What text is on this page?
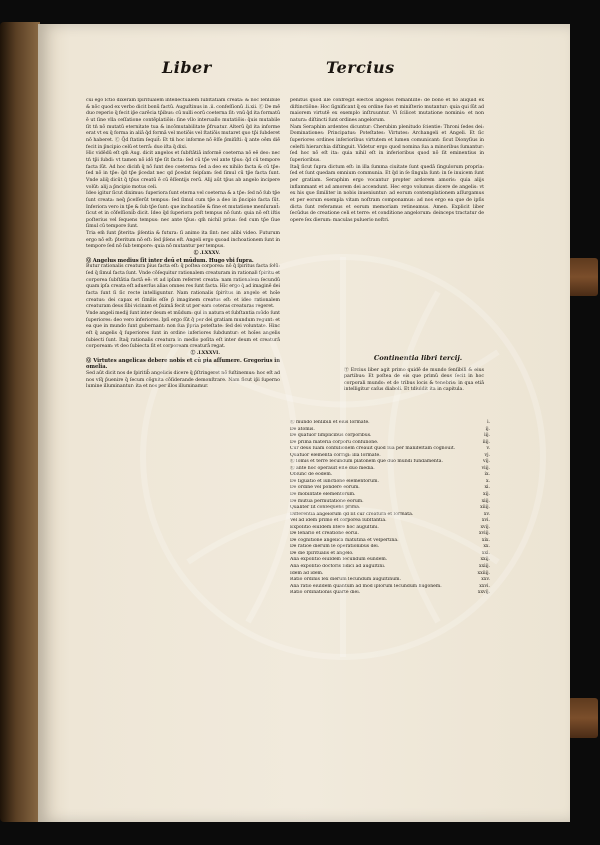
Liber	Tercius

cui ego ſ̄ctio dixeram ſp̄iritualem intellectualem ſubſtātiam creatā: & nōc ſenſibile & nōc quod ex verbo dicit bonū factū. Auguſtinus in .ii. confeſſionū .li.xii. Ⓒ De mē duo reperio q̄ fecit ip̄e carēcia tp̄ibus: cū nulli eorū coeterna ſit: vnū q̄d ita formatū ē ut ſine vlla ceſſatione contēplatiōis: ſine vllo interuallo mutatiōis: q̄uis mutabile ſit tñ nō mutatū eternitate tua & incōmutabilitate p̄fruatur. Alterū q̄d ita informe erat vt ex q̄ forma in aliā q̄d formā vel motiōis vel ſtatiōis mutaret quo tp̄i ſubderet nō haberet. Ⓒ Q̄d ſtatim ſequit̄: Et tñ hoc informe nō ēſſe p̄miſiſti: q̄ ante oēm diē fecit in p̄ncipio celū et terrā: duo iſta q̄ dixi.

Hic vidēdū eſt qm̄ Aug. dicit angelos et ſubſtātiā informē coeterna nō eē deo: nec tñ tp̄i ſubdi: vt tamen nō idō tp̄e ſit facta: ſed cū tp̄e vel ante tp̄us: q̄d cū tempore facta ſūt. Ad hoc dicim̄ q̄ nō ſunt deo coeterna: ſed a deo ex nihilo facta & cū tp̄e: ſed nō in tp̄e: q̄d tp̄e p̄cedat nec qd p̄cedat ſeipſam: ſed ſimul cū tp̄e facta ſunt. Vnde aliq̄ dicūt q̄ tp̄us creatū ē cū ēſſentijs rerū. Alij aūt tp̄us ab angelo incipere volūt: alij a p̄ncipio motus celi.

Ideo igitur ſicut diximus: ſuperiora ſunt eterna vel coeterna & a tp̄e: ſed nō ſub tp̄e ſunt creata: neq̄ p̄ceſſerūt tempus: ſed ſimul cum tp̄e a deo in p̄ncipio facta ſūt. Inferiora vero in tp̄e & ſub tp̄e ſunt: que inchoatiōe & fine et mutatione menſurant̄: ſicut et in cōfeſſionib̄ dicit. Ideo q̄d ſuperiora poſt tempus nō ſunt: quia nō eſt iſtis poſterius vel ſequens tempus: nec ante tp̄us: qm̄ nichil prius: ſed cum tp̄e ſiue ſimul cū tempore ſunt.

Tria em̄ ſunt p̄terita: p̄ſentia & futura: ſi animo ita ſint: nec alibi video. Futurum ergo nō eſt: p̄teritum nō eſt: ſed p̄ſens eſt. Angeli ergo quoad inchoationem ſunt in tempore ſed nō ſub tempore: quia nō mutantur per tempus.

Ⓛ .LXXXV.

Ⓠ Angelus medius ſit inter deū et mūdum. Hugo vbi ſupra.

Butur rationalis creatura p̄ius facta eſt: q̄ poſtea corporea: nō q̄ ſpiritus facta ſolū: ſed q̄ ſimul facta ſunt. Vnde cōſequitur rationalem creaturam in rationali ſpiritu et corporea ſubſtātia factā eē: vt ad ipſam referret creata: nam rationalem ſecundū quam ipſa creata eſt aduerſus alias omnes res ſunt facta. Hic ergo q̄ ad imaginē dei facta ſunt ſi ſic recte intelliguntur. Nam rationalis ſpiritus in angelo et hoīe creatus: dei capax et ſimilis eſſe p̄ imaginem creatus eſt: et ideo rationalem creaturam deus ſibi vicinam et p̄ximā fecit ut per eam ceteras creaturas regeret.

Vnde angeli medij ſunt inter deum et mūdum: qui in natura et ſubſtantia mūdo ſunt ſuperiores: deo vero inferiores. Ipſi ergo ſūt q̄ per dei gratiam mundum regunt: et ea que in mundo ſunt gubernant: non ſua p̄pria poteſtate: ſed dei voluntate. Hinc eſt q̄ angelis q̄ ſuperiores ſunt in ordine inferiores ſubduntur: et hoīes angelis ſubiecti ſunt. Itaq̄ rationalis creatura in medio poſita eſt inter deum et creaturā corpoream: vt deo ſubiecta ſit et corpoream creaturā regat.

Ⓛ .LXXXVI.

Ⓠ Virtutes angelicas debere nobis et cū pia aſſumere. Gregorius in omelia.

Sed aūt dicit nos de ſpiritib̄ angelicis dicere q̄ p̄ſtringeret nō ſuſtinemus: hoc eſt ad nos vſq̄ p̄uenire q̄ ſecum cōgnita cōſiderande demonſtrare. Nam ſicut ip̄i ſuperno lumine illuminantur: ita et nos per illos illuminamur.

penitus quod ille confregit electos angelos remanſiſſe: de bono et nō aliquid ex diſtinctiōne: Hoc ſignificant q̄ ex ordine ſuo et miniſterio mutantur: quia qui ſūt ad maiorem virtutē ex exemplo inſtruuntur. Vi ſcilicet mutatione nominis: et non natura: diſtincti ſunt ordines angelorum.

Nam Seraphim ardentes dicuntur: Cherubim plenitudo ſcientie: Throni ſedes dei: Dominationes: Principatus: Poteſtates: Virtutes: Archangeli et Angeli. Et ſic ſuperiores ordines inferioribus virtutem et lumen comunicant: ſicut Dionyſius in celeſti hierarchia diſtinguit. Videtur ergo quod nomina ſua a minoribus ſumantur: ſed hoc nō eſt ita: quia nihil eſt in inferioribus quod nō ſit eminentius in ſuperioribus.

Itaq̄ ſicut ſupra dictum eſt: in illa ſumma ciuitate ſunt quedā ſingulorum propria: ſed et ſunt quedam omnium communia. Et q̄d in ſe ſingula ſunt: in ſe inuicem ſunt per gratiam. Seraphim ergo vocantur propter ardorem amoris: quia alijs inflammant et ad amorem dei accendunt. Hec ergo volumus dicere de angelis: vt ex his que ſimiliter in nobis inueniuntur: ad eorum contemplationem aſſurgamus et per eorum exempla vitam noſtram componamus: ad nos ergo ea que de ipſis dicta ſunt referamus et eorum memoriam retineamus. Amen. Explicit liber ſecūdus de creatione celi et terre: et conditione angelorum: deinceps tractatur de opere ſex dierum: maculas puluerio noſtri.

Continentia libri tercij.
Ⓣ Ercius liber agit primo quidē de mundo ſenſibili & eius partibus: Et poſtea de eis que primū deus ſecit in hoc corporali mundo: et de tribus locis & tenebris: in qua etiā intelligitur caſus diaboli. Et tdiuidit ita in capitula.
Ⓔ mundo ſenſibili et eius ſormate.	i.
De atomis.	ij.
De quatuor ſimplicibus corporibus.	iij.
De prima materia corporū confuſione.	iiij.
Cur deus ſuam confuſionem creauit quod ſua per manifeſtam cognouit.	v.
Quatuor elementa corrigi: illa ſormate.	vj.
Ⓔ ſomis et terre ſecundum platonem que duo mundi fundamenta.	vij.
Ⓔ ante hoc operauit eſſe duo media.	viij.
Oblunc de eodem.	ix.
De ſiguatio et iunctione elementorum.	x.
De ordine vel pondere eorum.	xi.
De mobilitate elementorum.	xij.
De mutua permutatione eorum.	xiij.
Qualiter ſit conſequens prima.	xiiij.
Differentia angelorum qd ſit cur creatura et ſormata.	xv.
Vel ad idem primo et corporea ſubſtantia.	xvi.
Expoſitio eiuſdem litere hoc auguſtini.	xvij.
De ſenario et creatione eoruī.	xviij.
De cognitione angelica matutina et veſpertina.	xix.
De ratioe dierum ſe operationibus dei.	xx.
De die ſpiritualis et angelo.	xxi.
Alia expoſitio eiuſdem ſecundum eundem.	xxij.
Alia expoſitio doctoris ſidici ad auguſtini.	xxiij.
Idem ad idem.	xxiiij.
Ratio ordinis ſex dierum ſecundum auguſtinum.	xxv.
Alia ratio eiuſdem quantum ad mod ipſorum ſecundum hugonem.	xxvi.
Ratio ordinationis quarte diei.	xxvij.
